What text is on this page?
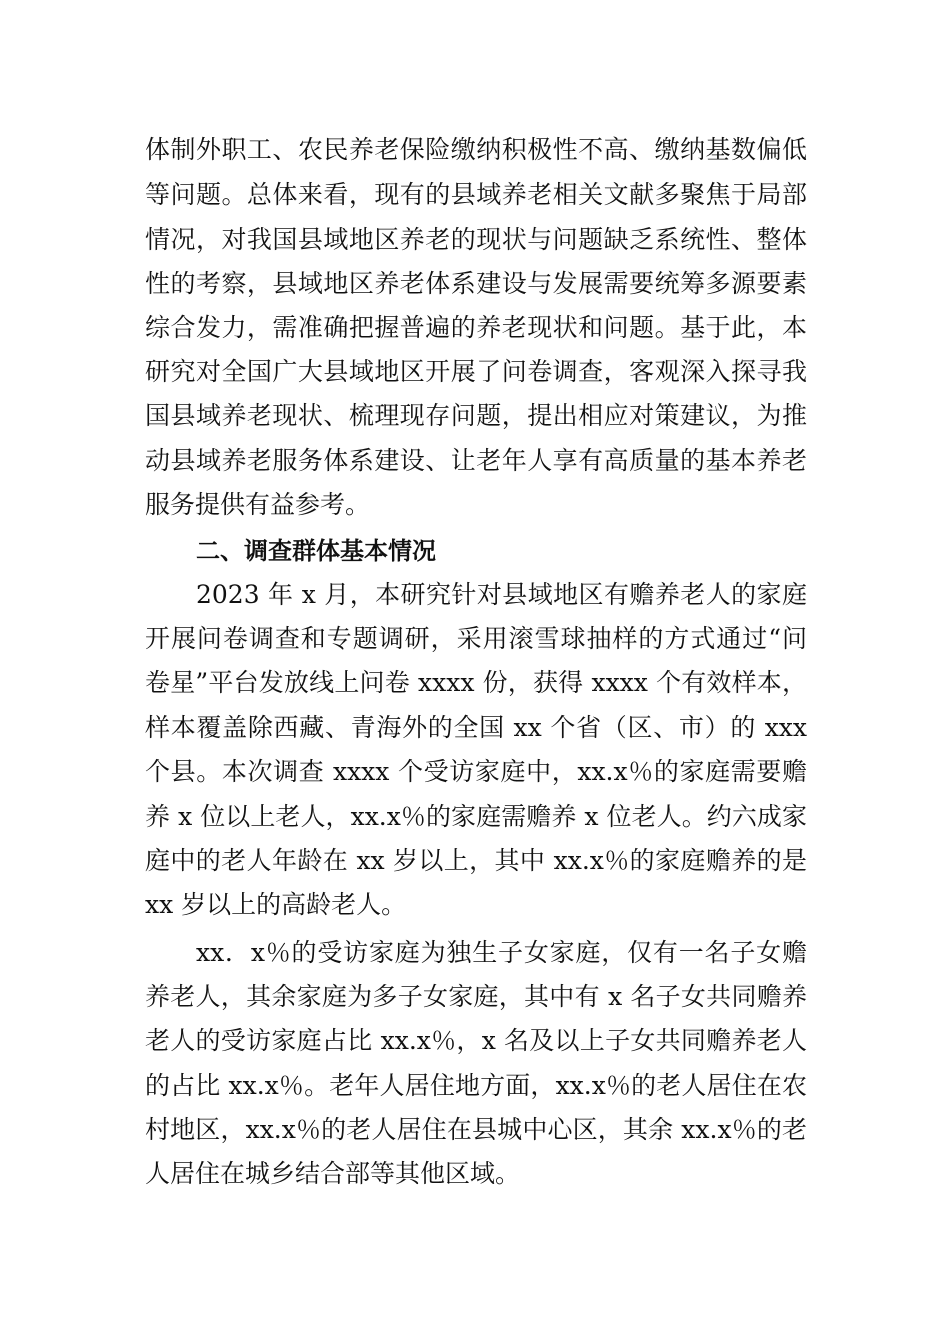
体制外职工、农民养老保险缴纳积极性不高、缴纳基数偏低

等问题。总体来看，现有的县域养老相关文献多聚焦于局部

情况，对我国县域地区养老的现状与问题缺乏系统性、整体

性的考察，县域地区养老体系建设与发展需要统筹多源要素

综合发力，需准确把握普遍的养老现状和问题。基于此，本

研究对全国广大县域地区开展了问卷调查，客观深入探寻我

国县域养老现状、梳理现存问题，提出相应对策建议，为推

动县域养老服务体系建设、让老年人享有高质量的基本养老

服务提供有益参考。

二、调查群体基本情况

2023 年 x 月，本研究针对县域地区有赡养老人的家庭

开展问卷调查和专题调研，采用滚雪球抽样的方式通过“问

卷星”平台发放线上问卷 xxxx 份，获得 xxxx 个有效样本，

样本覆盖除西藏、青海外的全国 xx 个省（区、市）的 xxx

个县。本次调查 xxxx 个受访家庭中，xx.x％的家庭需要赡

养 x 位以上老人，xx.x％的家庭需赡养 x 位老人。约六成家

庭中的老人年龄在 xx 岁以上，其中 xx.x％的家庭赡养的是

xx 岁以上的高龄老人。

xx．x％的受访家庭为独生子女家庭，仅有一名子女赡

养老人，其余家庭为多子女家庭，其中有 x 名子女共同赡养

老人的受访家庭占比 xx.x％，x 名及以上子女共同赡养老人

的占比 xx.x％。老年人居住地方面，xx.x％的老人居住在农

村地区，xx.x％的老人居住在县城中心区，其余 xx.x％的老

人居住在城乡结合部等其他区域。
